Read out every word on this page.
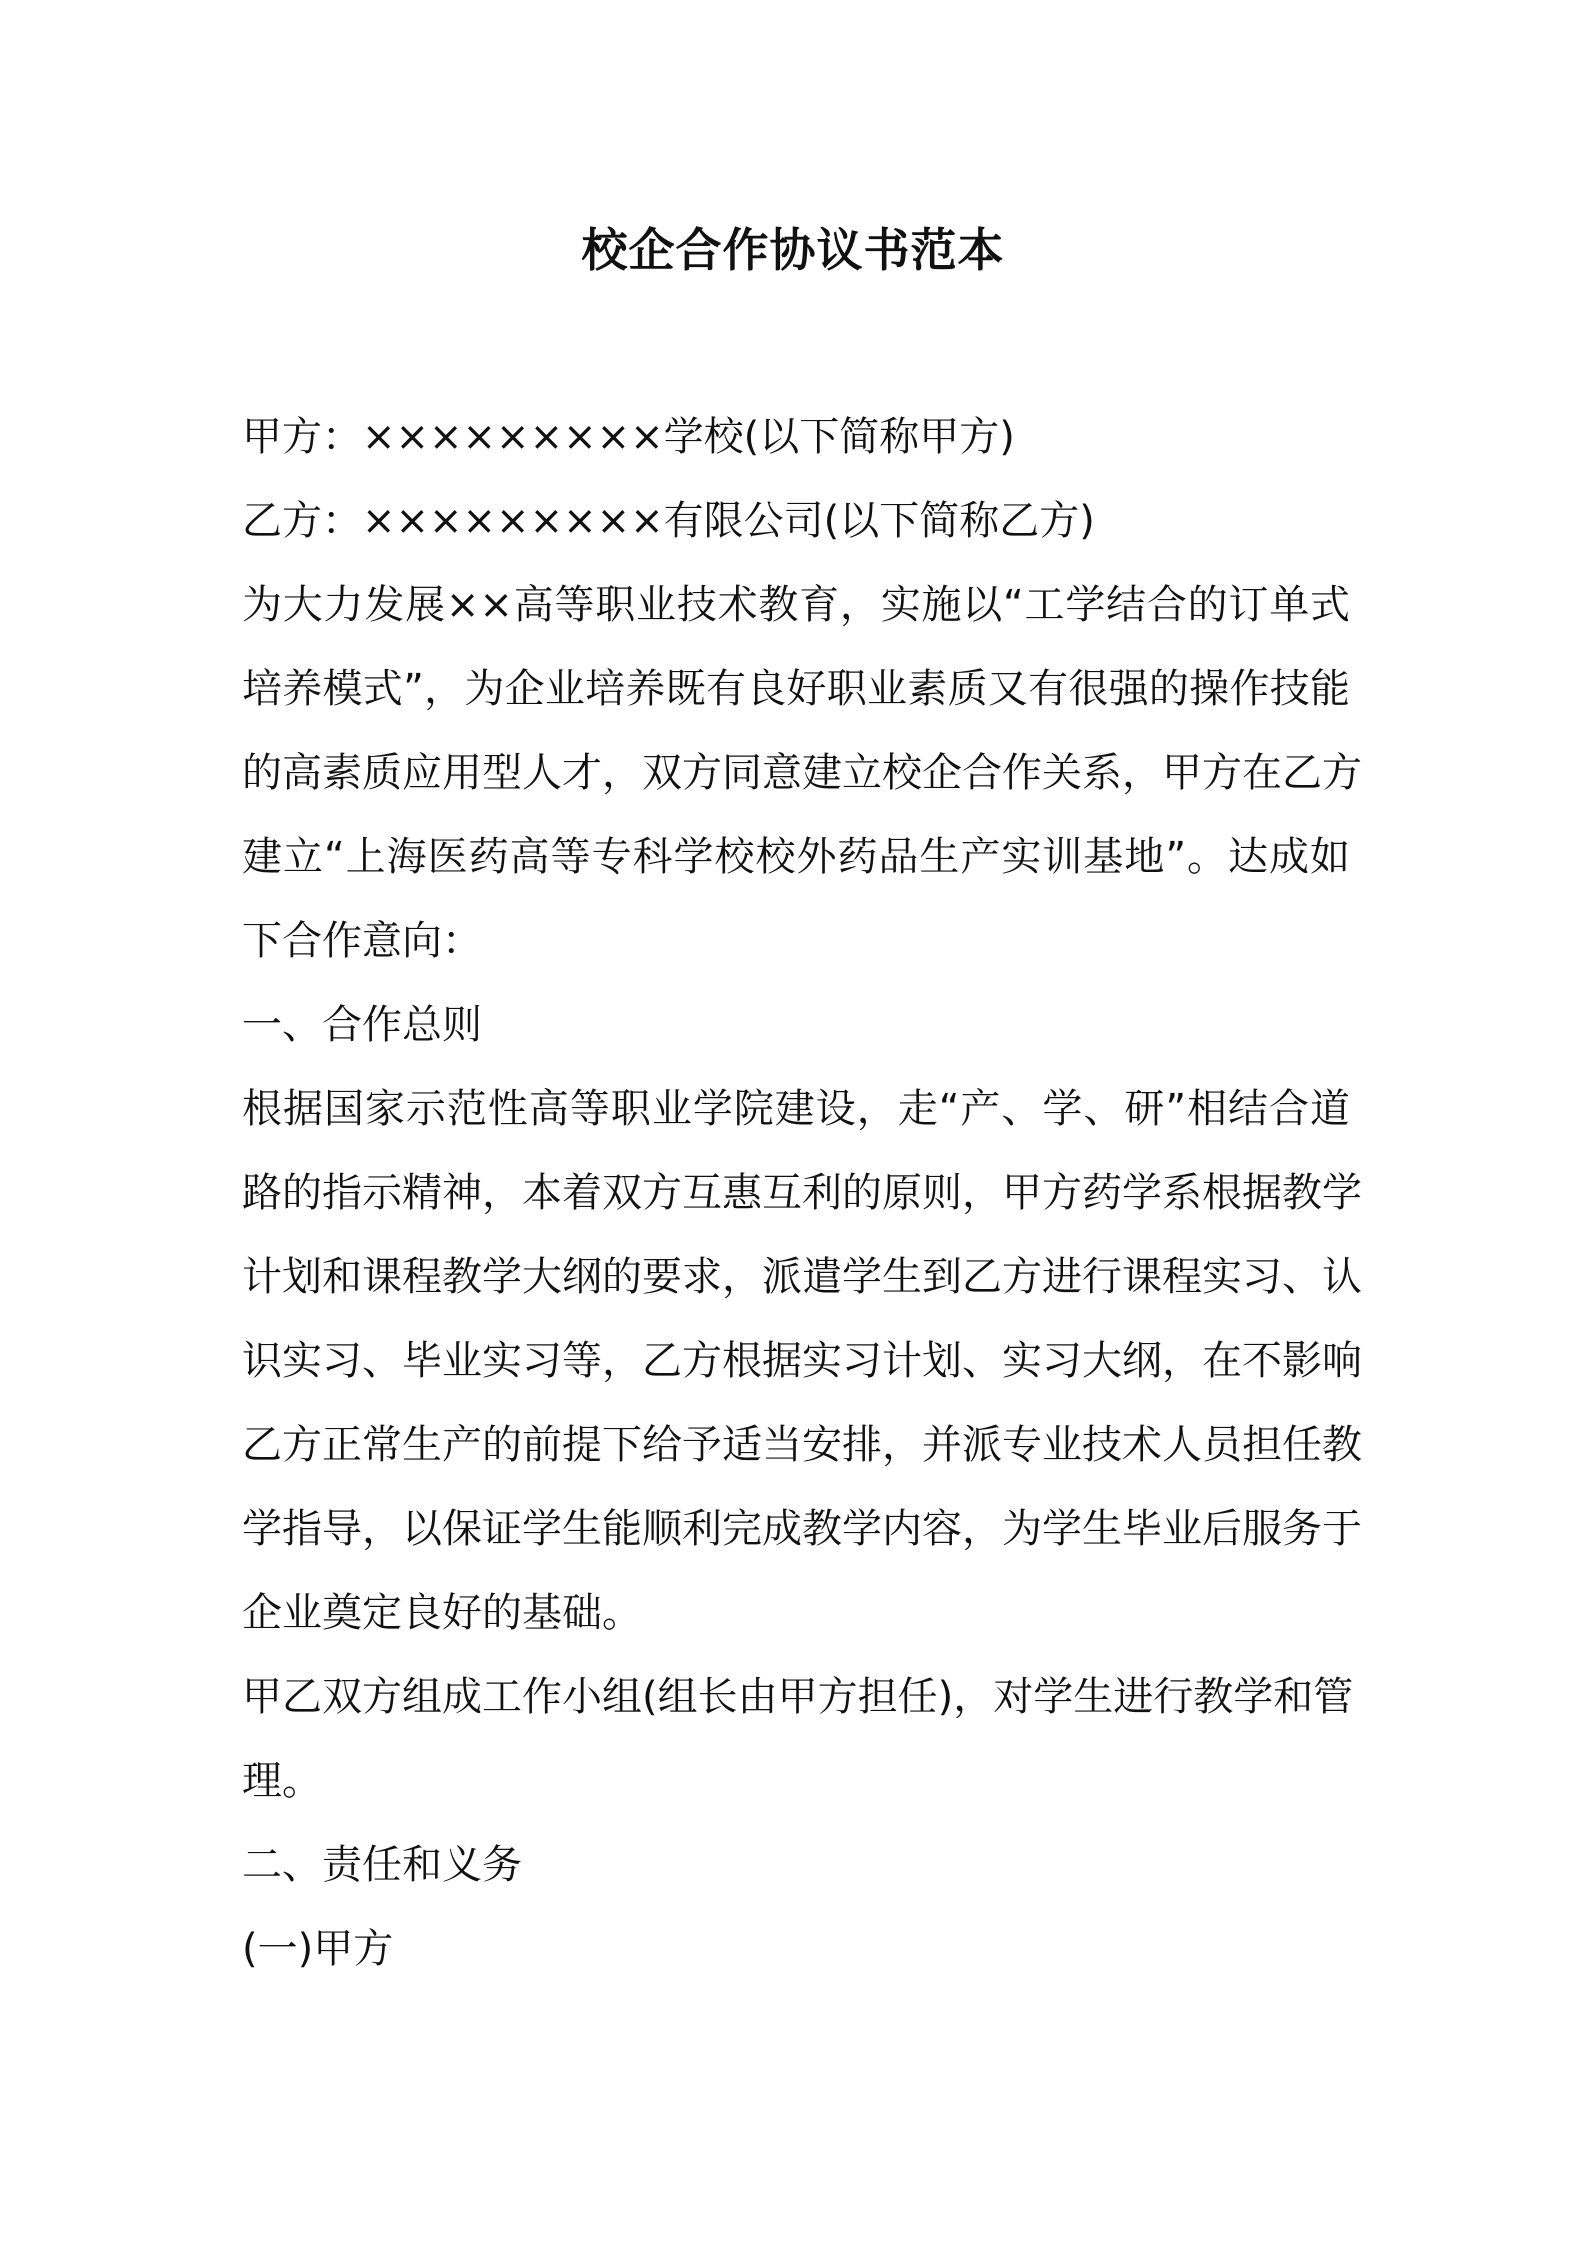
校企合作协议书范本
甲方：×××××××××学校(以下简称甲方)
乙方：×××××××××有限公司(以下简称乙方)
为大力发展××高等职业技术教育，实施以“工学结合的订单式
培养模式”，为企业培养既有良好职业素质又有很强的操作技能
的高素质应用型人才，双方同意建立校企合作关系，甲方在乙方
建立“上海医药高等专科学校校外药品生产实训基地”。达成如
下合作意向：
一、合作总则
根据国家示范性高等职业学院建设，走“产、学、研”相结合道
路的指示精神，本着双方互惠互利的原则，甲方药学系根据教学
计划和课程教学大纲的要求，派遣学生到乙方进行课程实习、认
识实习、毕业实习等，乙方根据实习计划、实习大纲，在不影响
乙方正常生产的前提下给予适当安排，并派专业技术人员担任教
学指导，以保证学生能顺利完成教学内容，为学生毕业后服务于
企业奠定良好的基础。
甲乙双方组成工作小组(组长由甲方担任)，对学生进行教学和管
理。
二、责任和义务
(一)甲方
